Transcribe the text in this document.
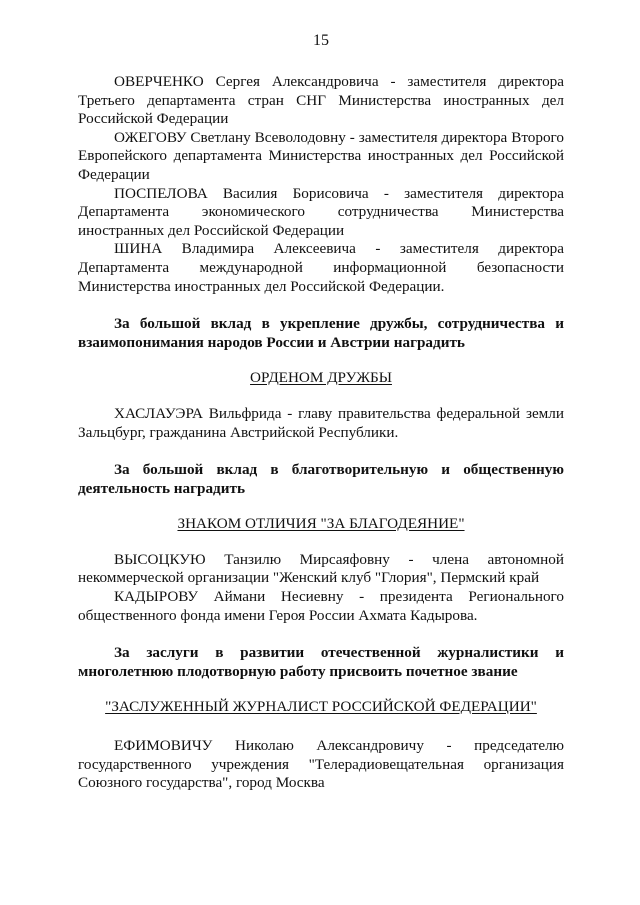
15

ОВЕРЧЕНКО Сергея Александровича - заместителя директора Третьего департамента стран СНГ Министерства иностранных дел Российской Федерации

ОЖЕГОВУ Светлану Всеволодовну - заместителя директора Второго Европейского департамента Министерства иностранных дел Российской Федерации

ПОСПЕЛОВА Василия Борисовича - заместителя директора Департамента экономического сотрудничества Министерства иностранных дел Российской Федерации

ШИНА Владимира Алексеевича - заместителя директора Департамента международной информационной безопасности Министерства иностранных дел Российской Федерации.

За большой вклад в укрепление дружбы, сотрудничества и взаимопонимания народов России и Австрии наградить

ОРДЕНОМ ДРУЖБЫ

ХАСЛАУЭРА Вильфрида - главу правительства федеральной земли Зальцбург, гражданина Австрийской Республики.

За большой вклад в благотворительную и общественную деятельность наградить

ЗНАКОМ ОТЛИЧИЯ "ЗА БЛАГОДЕЯНИЕ"

ВЫСОЦКУЮ Танзилю Мирсаяфовну - члена автономной некоммерческой организации "Женский клуб "Глория", Пермский край

КАДЫРОВУ Аймани Несиевну - президента Регионального общественного фонда имени Героя России Ахмата Кадырова.

За заслуги в развитии отечественной журналистики и многолетнюю плодотворную работу присвоить почетное звание

"ЗАСЛУЖЕННЫЙ ЖУРНАЛИСТ РОССИЙСКОЙ ФЕДЕРАЦИИ"

ЕФИМОВИЧУ Николаю Александровичу - председателю государственного учреждения "Телерадиовещательная организация Союзного государства", город Москва
